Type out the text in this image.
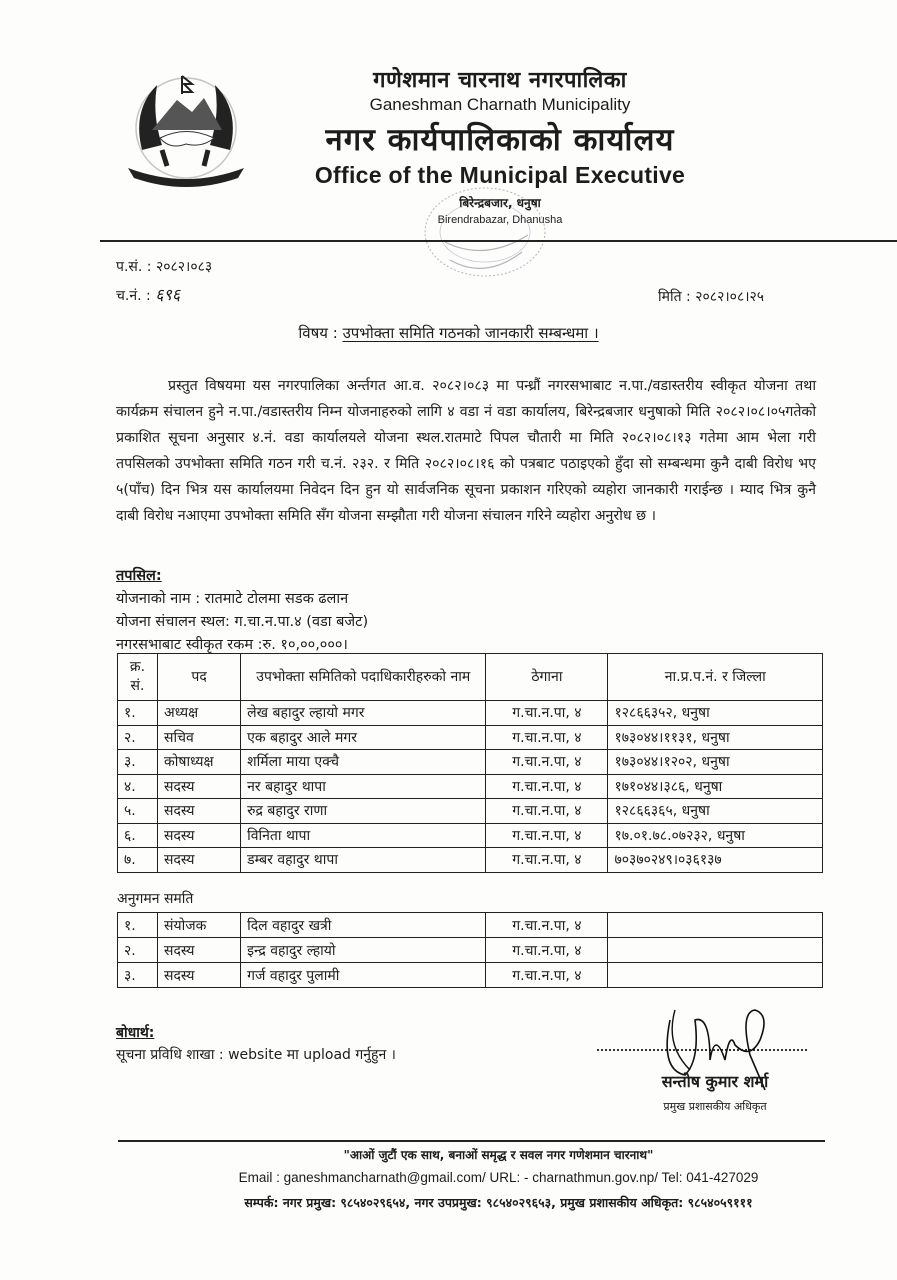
गणेशमान चारनाथ नगरपालिका
Ganeshman Charnath Municipality
नगर कार्यपालिकाको कार्यालय
Office of the Municipal Executive
बिरेन्द्रबजार, धनुषा
Birendrabazar, Dhanusha
प.सं. : २०८२।०८३
च.नं. : ६९६	मिति : २०८२।०८।२५
विषय : उपभोक्ता समिति गठनको जानकारी सम्बन्धमा ।
प्रस्तुत विषयमा यस नगरपालिका अर्न्तगत आ.व. २०८२।०८३ मा पन्ध्रौं नगरसभाबाट न.पा./वडास्तरीय स्वीकृत योजना तथा कार्यक्रम संचालन हुने न.पा./वडास्तरीय निम्न योजनाहरुको लागि ४ वडा नं वडा कार्यालय, बिरेन्द्रबजार धनुषाको मिति २०८२।०८।०५गतेको प्रकाशित सूचना अनुसार ४.नं. वडा कार्यालयले योजना स्थल.रातमाटे पिपल चौतारी मा मिति २०८२।०८।१३ गतेमा आम भेला गरी तपसिलको उपभोक्ता समिति गठन गरी च.नं. २३२. र मिति २०८२।०८।१६ को पत्रबाट पठाइएको हुँदा सो सम्बन्धमा कुनै दाबी विरोध भए ५(पाँच) दिन भित्र यस कार्यालयमा निवेदन दिन हुन यो सार्वजनिक सूचना प्रकाशन गरिएको व्यहोरा जानकारी गराईन्छ । म्याद भित्र कुनै दाबी विरोध नआएमा उपभोक्ता समिति सँग योजना सम्झौता गरी योजना संचालन गरिने व्यहोरा अनुरोध छ ।
तपसिल:
योजनाको नाम : रातमाटे टोलमा सडक ढलान
योजना संचालन स्थल: ग.चा.न.पा.४ (वडा बजेट)
नगरसभाबाट स्वीकृत रकम :रु. १०,००,०००।
क्र. सं.	पद	उपभोक्ता समितिको पदाधिकारीहरुको नाम	ठेगाना	ना.प्र.प.नं. र जिल्ला
१.	अध्यक्ष	लेख बहादुर ल्हायो मगर	ग.चा.न.पा, ४	१२८६६३५२, धनुषा
२.	सचिव	एक बहादुर आले मगर	ग.चा.न.पा, ४	१७३०४४।११३१, धनुषा
३.	कोषाध्यक्ष	शर्मिला माया एक्चै	ग.चा.न.पा, ४	१७३०४४।१२०२, धनुषा
४.	सदस्य	नर बहादुर थापा	ग.चा.न.पा, ४	१७१०४४।३८६, धनुषा
५.	सदस्य	रुद्र बहादुर राणा	ग.चा.न.पा, ४	१२८६६३६५, धनुषा
६.	सदस्य	विनिता थापा	ग.चा.न.पा, ४	१७.०१.७८.०७२३२, धनुषा
७.	सदस्य	डम्बर वहादुर थापा	ग.चा.न.पा, ४	७०३७०२४९।०३६१३७
अनुगमन समति
१.	संयोजक	दिल वहादुर खत्री	ग.चा.न.पा, ४	
२.	सदस्य	इन्द्र वहादुर ल्हायो	ग.चा.न.पा, ४	
३.	सदस्य	गर्ज वहादुर पुलामी	ग.चा.न.पा, ४	
बोधार्थ:
सूचना प्रविधि शाखा : website मा upload गर्नुहुन ।
सन्तोष कुमार शर्मा
प्रमुख प्रशासकीय अधिकृत
"आओं जुटौं एक साथ, बनाओं समृद्ध र सवल नगर गणेशमान चारनाथ"
Email : ganeshmancharnath@gmail.com/ URL: - charnathmun.gov.np/ Tel: 041-427029
सम्पर्क: नगर प्रमुख: ९८५४०२९६५४, नगर उपप्रमुख: ९८५४०२९६५३, प्रमुख प्रशासकीय अधिकृत: ९८५४०५९१११
